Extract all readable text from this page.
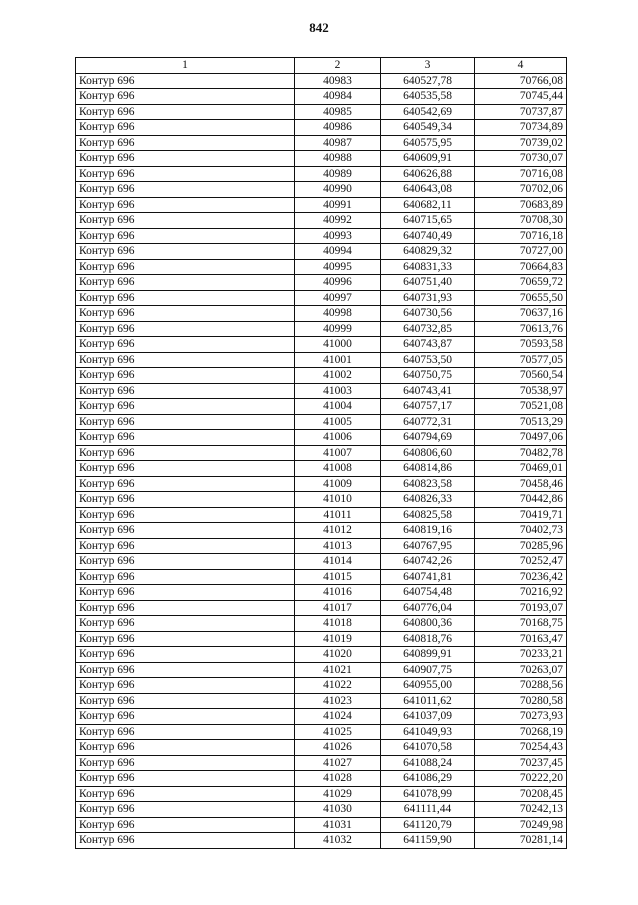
842
1	2	3	4
Контур 696	40983	640527,78	70766,08
Контур 696	40984	640535,58	70745,44
Контур 696	40985	640542,69	70737,87
Контур 696	40986	640549,34	70734,89
Контур 696	40987	640575,95	70739,02
Контур 696	40988	640609,91	70730,07
Контур 696	40989	640626,88	70716,08
Контур 696	40990	640643,08	70702,06
Контур 696	40991	640682,11	70683,89
Контур 696	40992	640715,65	70708,30
Контур 696	40993	640740,49	70716,18
Контур 696	40994	640829,32	70727,00
Контур 696	40995	640831,33	70664,83
Контур 696	40996	640751,40	70659,72
Контур 696	40997	640731,93	70655,50
Контур 696	40998	640730,56	70637,16
Контур 696	40999	640732,85	70613,76
Контур 696	41000	640743,87	70593,58
Контур 696	41001	640753,50	70577,05
Контур 696	41002	640750,75	70560,54
Контур 696	41003	640743,41	70538,97
Контур 696	41004	640757,17	70521,08
Контур 696	41005	640772,31	70513,29
Контур 696	41006	640794,69	70497,06
Контур 696	41007	640806,60	70482,78
Контур 696	41008	640814,86	70469,01
Контур 696	41009	640823,58	70458,46
Контур 696	41010	640826,33	70442,86
Контур 696	41011	640825,58	70419,71
Контур 696	41012	640819,16	70402,73
Контур 696	41013	640767,95	70285,96
Контур 696	41014	640742,26	70252,47
Контур 696	41015	640741,81	70236,42
Контур 696	41016	640754,48	70216,92
Контур 696	41017	640776,04	70193,07
Контур 696	41018	640800,36	70168,75
Контур 696	41019	640818,76	70163,47
Контур 696	41020	640899,91	70233,21
Контур 696	41021	640907,75	70263,07
Контур 696	41022	640955,00	70288,56
Контур 696	41023	641011,62	70280,58
Контур 696	41024	641037,09	70273,93
Контур 696	41025	641049,93	70268,19
Контур 696	41026	641070,58	70254,43
Контур 696	41027	641088,24	70237,45
Контур 696	41028	641086,29	70222,20
Контур 696	41029	641078,99	70208,45
Контур 696	41030	641111,44	70242,13
Контур 696	41031	641120,79	70249,98
Контур 696	41032	641159,90	70281,14
